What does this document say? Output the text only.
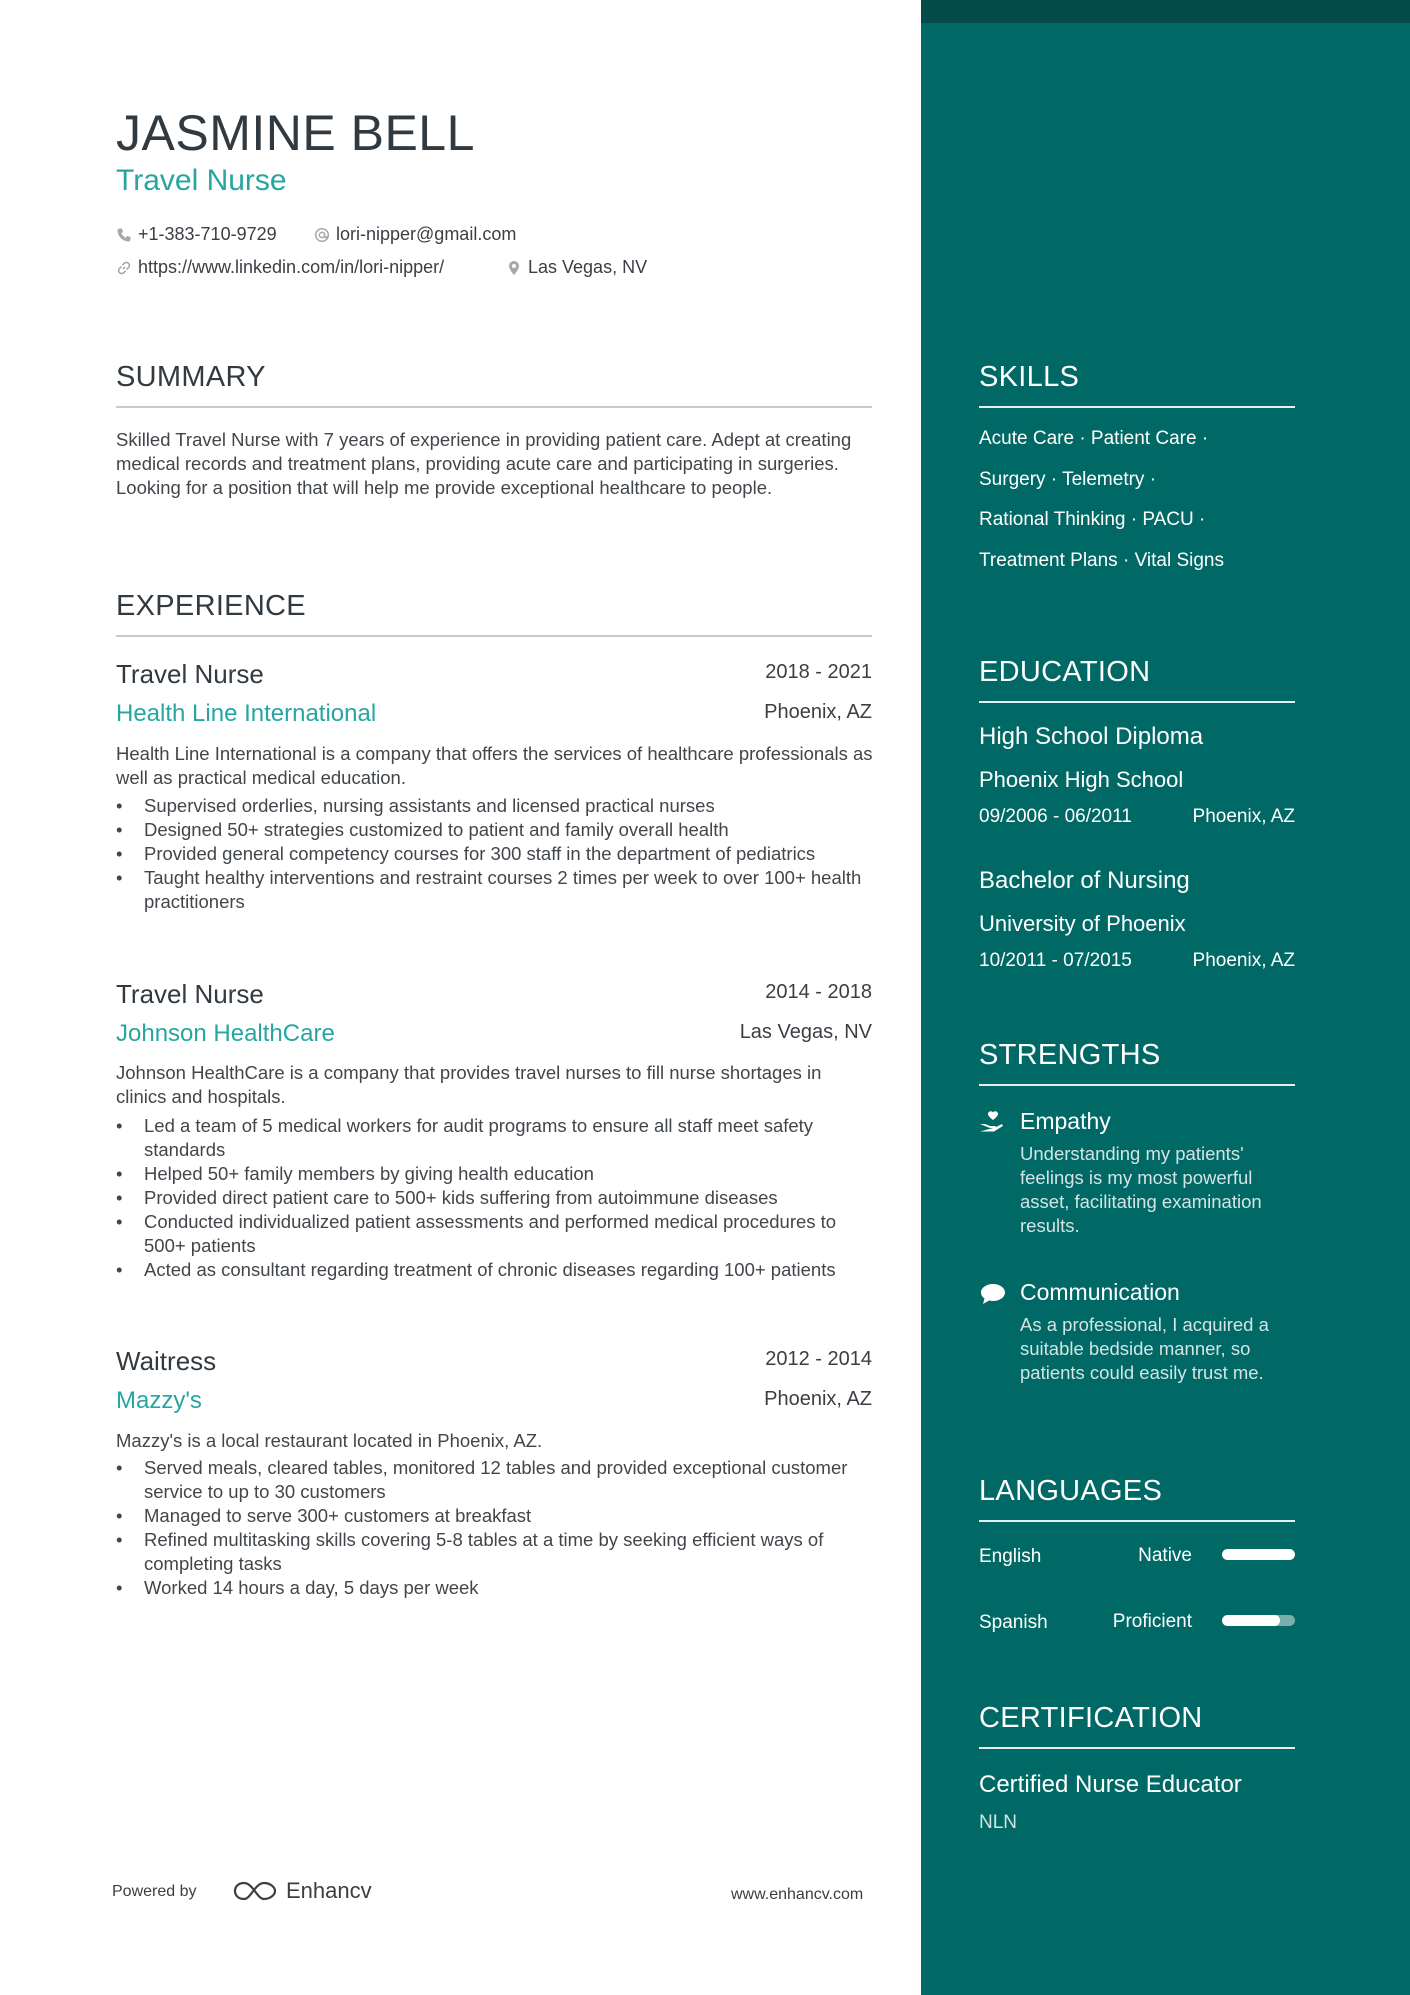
JASMINE BELL
Travel Nurse
+1-383-710-9729	lori-nipper@gmail.com
https://www.linkedin.com/in/lori-nipper/	Las Vegas, NV
SUMMARY
Skilled Travel Nurse with 7 years of experience in providing patient care. Adept at creating medical records and treatment plans, providing acute care and participating in surgeries. Looking for a position that will help me provide exceptional healthcare to people.
EXPERIENCE
Travel Nurse	2018 - 2021
Health Line International	Phoenix, AZ
Health Line International is a company that offers the services of healthcare professionals as well as practical medical education.
• Supervised orderlies, nursing assistants and licensed practical nurses
• Designed 50+ strategies customized to patient and family overall health
• Provided general competency courses for 300 staff in the department of pediatrics
• Taught healthy interventions and restraint courses 2 times per week to over 100+ health practitioners
Travel Nurse	2014 - 2018
Johnson HealthCare	Las Vegas, NV
Johnson HealthCare is a company that provides travel nurses to fill nurse shortages in clinics and hospitals.
• Led a team of 5 medical workers for audit programs to ensure all staff meet safety standards
• Helped 50+ family members by giving health education
• Provided direct patient care to 500+ kids suffering from autoimmune diseases
• Conducted individualized patient assessments and performed medical procedures to 500+ patients
• Acted as consultant regarding treatment of chronic diseases regarding 100+ patients
Waitress	2012 - 2014
Mazzy's	Phoenix, AZ
Mazzy's is a local restaurant located in Phoenix, AZ.
• Served meals, cleared tables, monitored 12 tables and provided exceptional customer service to up to 30 customers
• Managed to serve 300+ customers at breakfast
• Refined multitasking skills covering 5-8 tables at a time by seeking efficient ways of completing tasks
• Worked 14 hours a day, 5 days per week
Powered by	Enhancv	www.enhancv.com
SKILLS
Acute Care · Patient Care ·
Surgery · Telemetry ·
Rational Thinking · PACU ·
Treatment Plans · Vital Signs
EDUCATION
High School Diploma
Phoenix High School
09/2006 - 06/2011	Phoenix, AZ
Bachelor of Nursing
University of Phoenix
10/2011 - 07/2015	Phoenix, AZ
STRENGTHS
Empathy
Understanding my patients' feelings is my most powerful asset, facilitating examination results.
Communication
As a professional, I acquired a suitable bedside manner, so patients could easily trust me.
LANGUAGES
English	Native
Spanish	Proficient
CERTIFICATION
Certified Nurse Educator
NLN
